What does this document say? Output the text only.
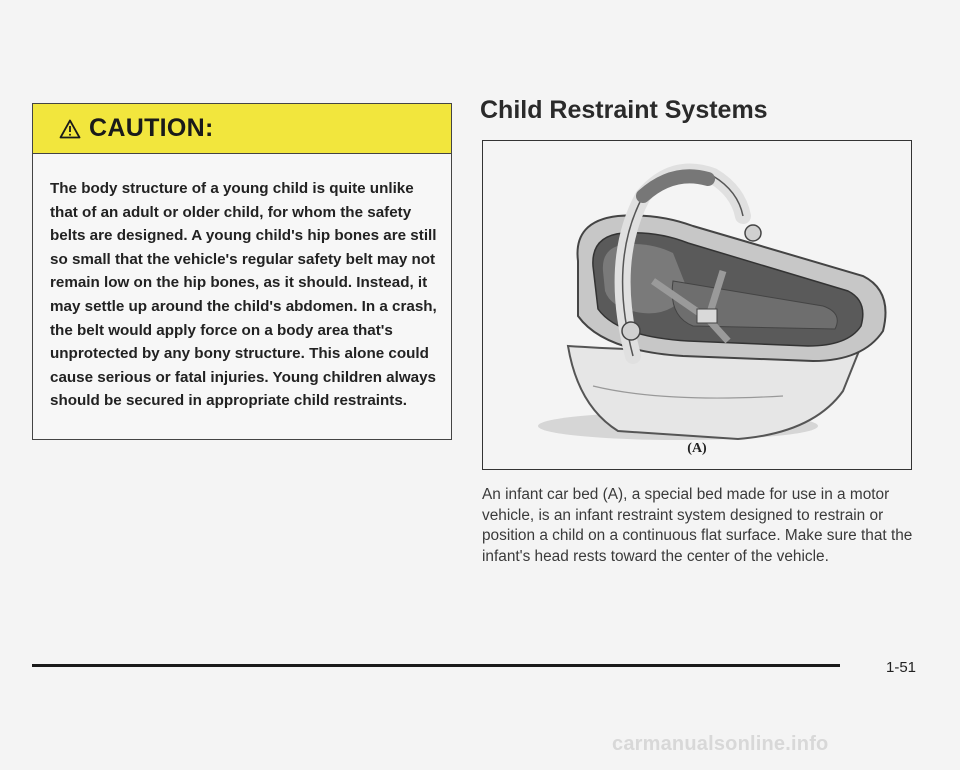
CAUTION:

The body structure of a young child is quite unlike that of an adult or older child, for whom the safety belts are designed. A young child's hip bones are still so small that the vehicle's regular safety belt may not remain low on the hip bones, as it should. Instead, it may settle up around the child's abdomen. In a crash, the belt would apply force on a body area that's unprotected by any bony structure. This alone could cause serious or fatal injuries. Young children always should be secured in appropriate child restraints.

Child Restraint Systems
(A)

An infant car bed (A), a special bed made for use in a motor vehicle, is an infant restraint system designed to restrain or position a child on a continuous flat surface. Make sure that the infant's head rests toward the center of the vehicle.

1-51
carmanualsonline.info
